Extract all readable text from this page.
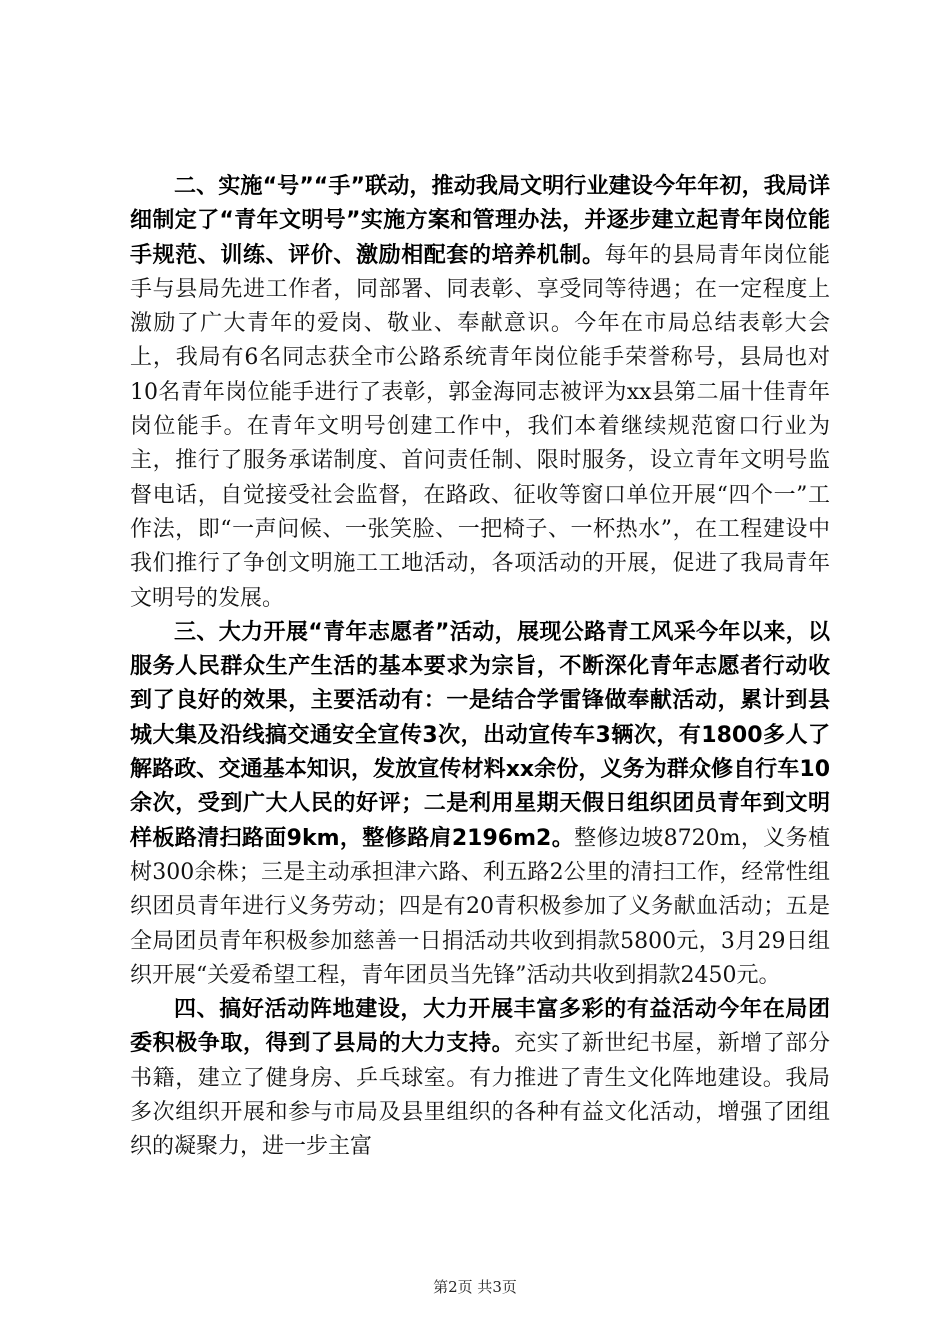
二、实施“号”“手”联动，推动我局文明行业建设今年年初，我局详细制定了“青年文明号”实施方案和管理办法，并逐步建立起青年岗位能手规范、训练、评价、激励相配套的培养机制。每年的县局青年岗位能手与县局先进工作者，同部署、同表彰、享受同等待遇；在一定程度上激励了广大青年的爱岗、敬业、奉献意识。今年在市局总结表彰大会上，我局有6名同志获全市公路系统青年岗位能手荣誉称号，县局也对10名青年岗位能手进行了表彰，郭金海同志被评为xx县第二届十佳青年岗位能手。在青年文明号创建工作中，我们本着继续规范窗口行业为主，推行了服务承诺制度、首问责任制、限时服务，设立青年文明号监督电话，自觉接受社会监督，在路政、征收等窗口单位开展“四个一”工作法，即“一声问候、一张笑脸、一把椅子、一杯热水”，在工程建设中我们推行了争创文明施工工地活动，各项活动的开展，促进了我局青年文明号的发展。

三、大力开展“青年志愿者”活动，展现公路青工风采今年以来，以服务人民群众生产生活的基本要求为宗旨，不断深化青年志愿者行动收到了良好的效果，主要活动有：一是结合学雷锋做奉献活动，累计到县城大集及沿线搞交通安全宣传3次，出动宣传车3辆次，有1800多人了解路政、交通基本知识，发放宣传材料xx余份，义务为群众修自行车10余次，受到广大人民的好评；二是利用星期天假日组织团员青年到文明样板路清扫路面9km，整修路肩2196m2。整修边坡8720m，义务植树300余株；三是主动承担津六路、利五路2公里的清扫工作，经常性组织团员青年进行义务劳动；四是有20青积极参加了义务献血活动；五是全局团员青年积极参加慈善一日捐活动共收到捐款5800元，3月29日组织开展“关爱希望工程，青年团员当先锋”活动共收到捐款2450元。

四、搞好活动阵地建设，大力开展丰富多彩的有益活动今年在局团委积极争取，得到了县局的大力支持。充实了新世纪书屋，新增了部分书籍，建立了健身房、乒乓球室。有力推进了青生文化阵地建设。我局多次组织开展和参与市局及县里组织的各种有益文化活动，增强了团组织的凝聚力，进一步主富

第2页 共3页
